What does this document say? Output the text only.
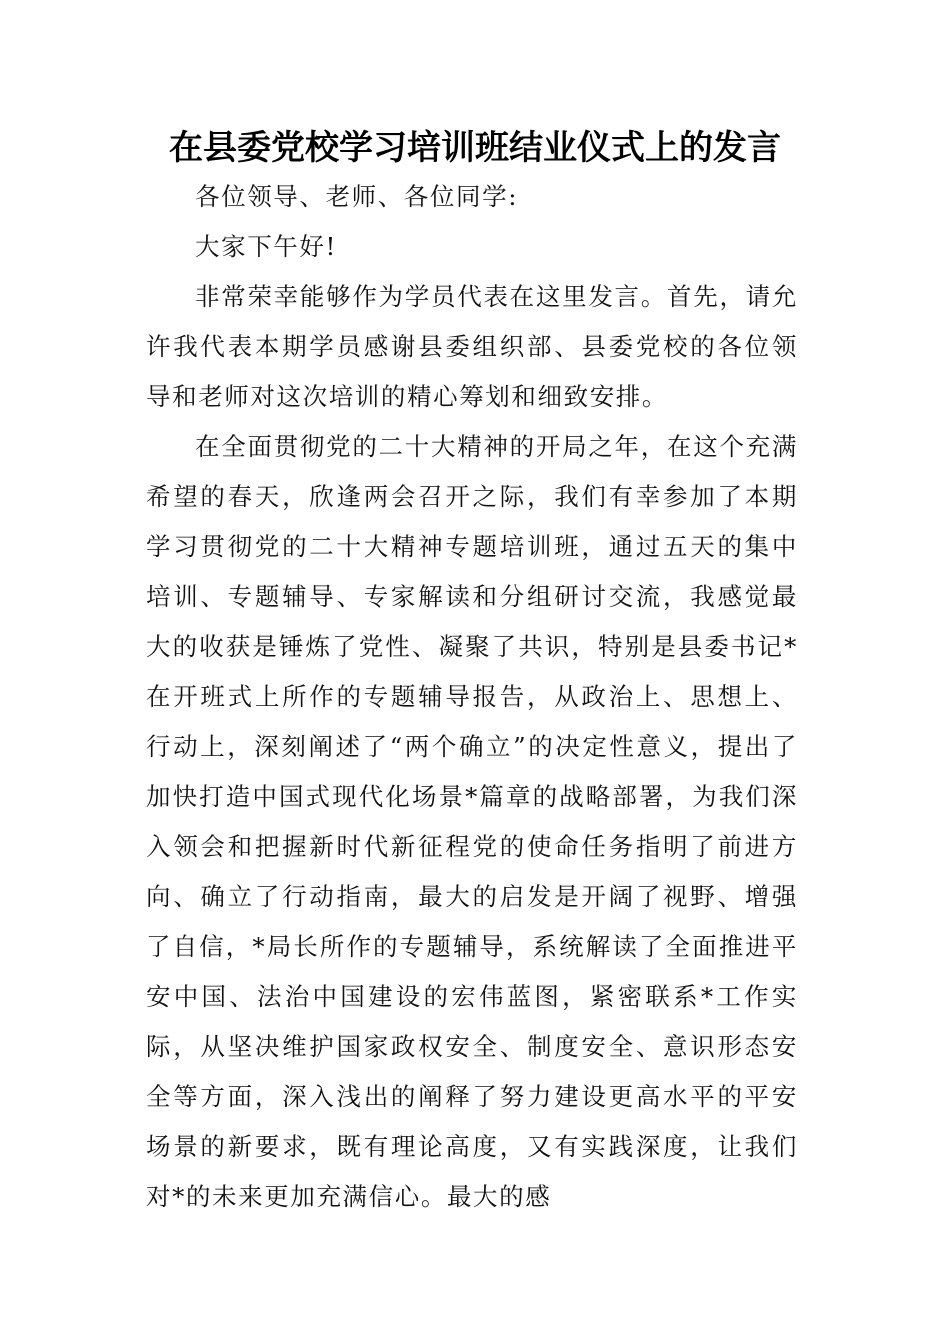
在县委党校学习培训班结业仪式上的发言

各位领导、老师、各位同学:

大家下午好!

非常荣幸能够作为学员代表在这里发言。首先，请允许我代表本期学员感谢县委组织部、县委党校的各位领导和老师对这次培训的精心筹划和细致安排。

在全面贯彻党的二十大精神的开局之年，在这个充满希望的春天，欣逢两会召开之际，我们有幸参加了本期学习贯彻党的二十大精神专题培训班，通过五天的集中培训、专题辅导、专家解读和分组研讨交流，我感觉最大的收获是锤炼了党性、凝聚了共识，特别是县委书记*在开班式上所作的专题辅导报告，从政治上、思想上、行动上，深刻阐述了“两个确立”的决定性意义，提出了加快打造中国式现代化场景*篇章的战略部署，为我们深入领会和把握新时代新征程党的使命任务指明了前进方向、确立了行动指南，最大的启发是开阔了视野、增强了自信，*局长所作的专题辅导，系统解读了全面推进平安中国、法治中国建设的宏伟蓝图，紧密联系*工作实际，从坚决维护国家政权安全、制度安全、意识形态安全等方面，深入浅出的阐释了努力建设更高水平的平安场景的新要求，既有理论高度，又有实践深度，让我们对*的未来更加充满信心。最大的感
